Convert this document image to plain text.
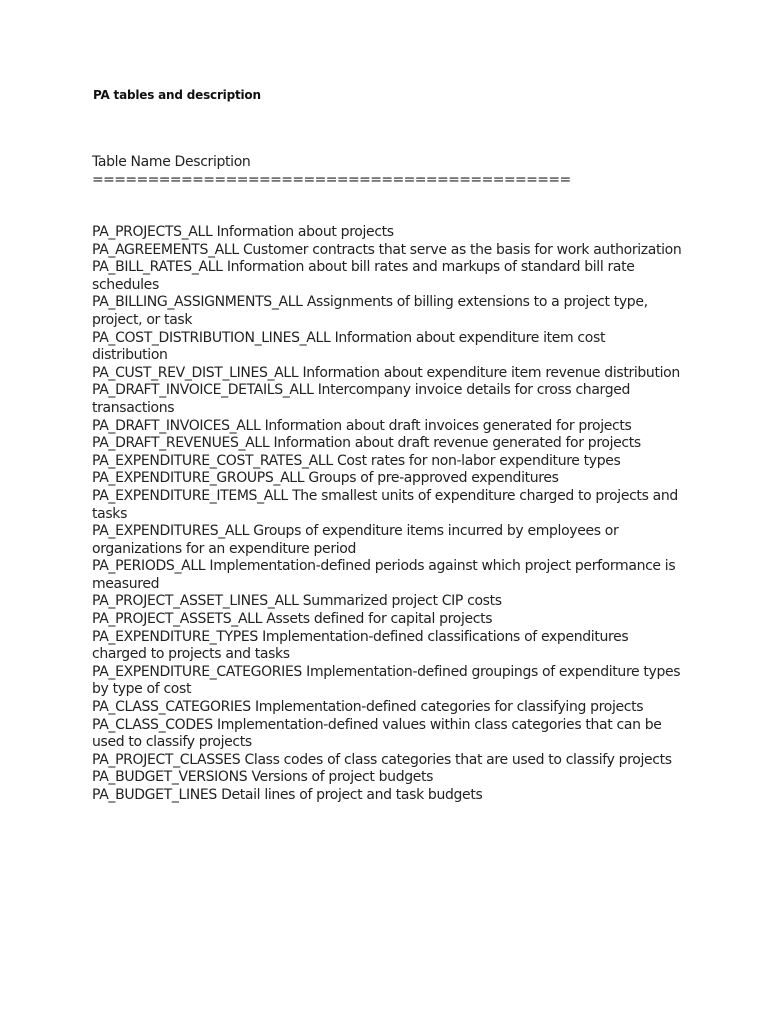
PA tables and description
Table Name Description
===========================================
PA_PROJECTS_ALL Information about projects
PA_AGREEMENTS_ALL Customer contracts that serve as the basis for work authorization
PA_BILL_RATES_ALL Information about bill rates and markups of standard bill rate schedules
PA_BILLING_ASSIGNMENTS_ALL Assignments of billing extensions to a project type, project, or task
PA_COST_DISTRIBUTION_LINES_ALL Information about expenditure item cost distribution
PA_CUST_REV_DIST_LINES_ALL Information about expenditure item revenue distribution
PA_DRAFT_INVOICE_DETAILS_ALL Intercompany invoice details for cross charged transactions
PA_DRAFT_INVOICES_ALL Information about draft invoices generated for projects
PA_DRAFT_REVENUES_ALL Information about draft revenue generated for projects
PA_EXPENDITURE_COST_RATES_ALL Cost rates for non-labor expenditure types
PA_EXPENDITURE_GROUPS_ALL Groups of pre-approved expenditures
PA_EXPENDITURE_ITEMS_ALL The smallest units of expenditure charged to projects and tasks
PA_EXPENDITURES_ALL Groups of expenditure items incurred by employees or organizations for an expenditure period
PA_PERIODS_ALL Implementation-defined periods against which project performance is measured
PA_PROJECT_ASSET_LINES_ALL Summarized project CIP costs
PA_PROJECT_ASSETS_ALL Assets defined for capital projects
PA_EXPENDITURE_TYPES Implementation-defined classifications of expenditures charged to projects and tasks
PA_EXPENDITURE_CATEGORIES Implementation-defined groupings of expenditure types by type of cost
PA_CLASS_CATEGORIES Implementation-defined categories for classifying projects
PA_CLASS_CODES Implementation-defined values within class categories that can be used to classify projects
PA_PROJECT_CLASSES Class codes of class categories that are used to classify projects
PA_BUDGET_VERSIONS Versions of project budgets
PA_BUDGET_LINES Detail lines of project and task budgets
